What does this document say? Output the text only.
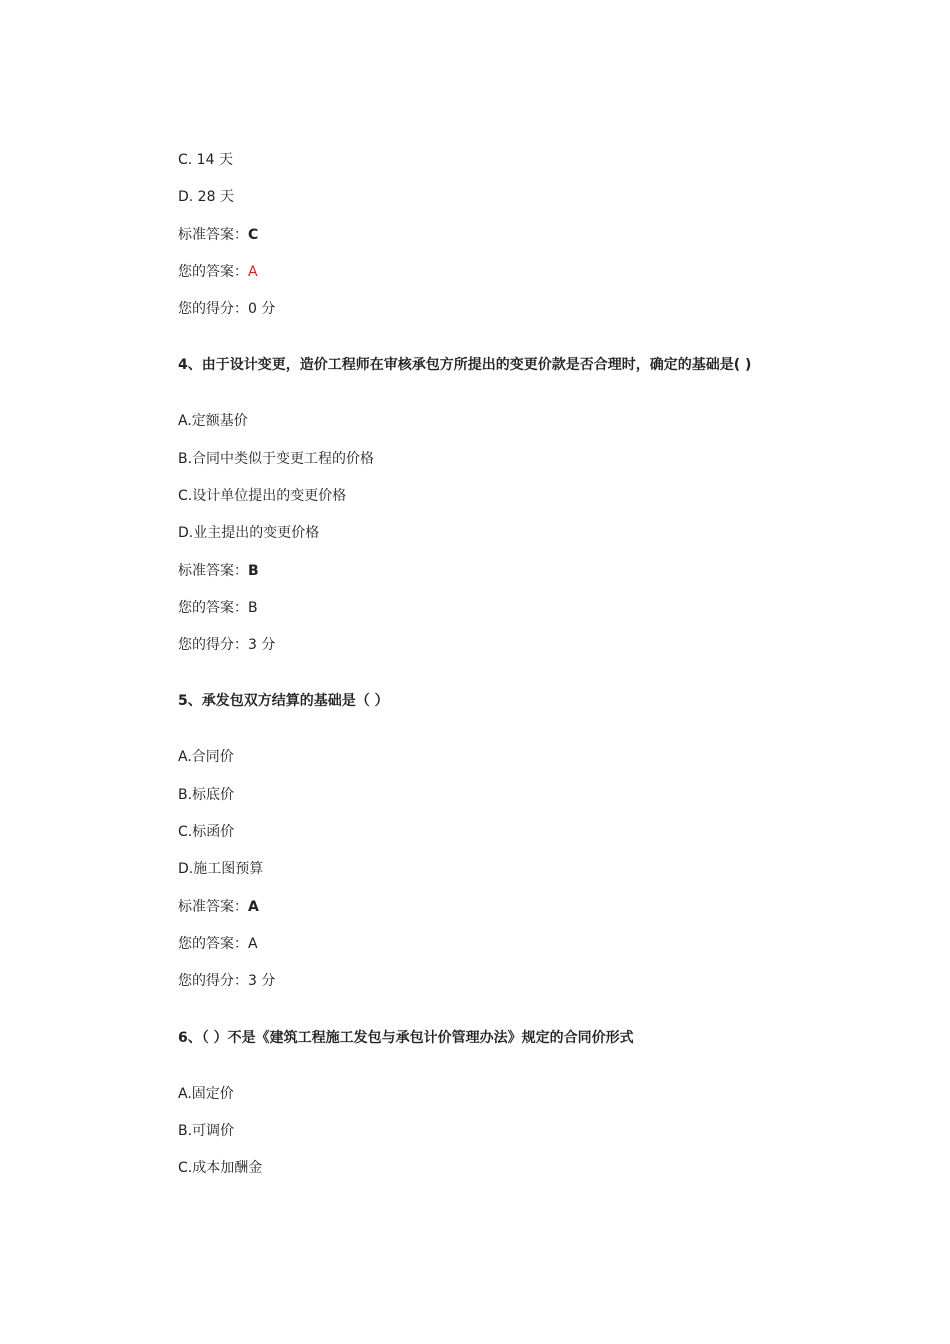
C. 14 天
D. 28 天
标准答案：C
您的答案：A
您的得分：0 分
4、由于设计变更，造价工程师在审核承包方所提出的变更价款是否合理时，确定的基础是( )
A.定额基价
B.合同中类似于变更工程的价格
C.设计单位提出的变更价格
D.业主提出的变更价格
标准答案：B
您的答案：B
您的得分：3 分
5、承发包双方结算的基础是（ ）
A.合同价
B.标底价
C.标函价
D.施工图预算
标准答案：A
您的答案：A
您的得分：3 分
6、（ ）不是《建筑工程施工发包与承包计价管理办法》规定的合同价形式
A.固定价
B.可调价
C.成本加酬金
